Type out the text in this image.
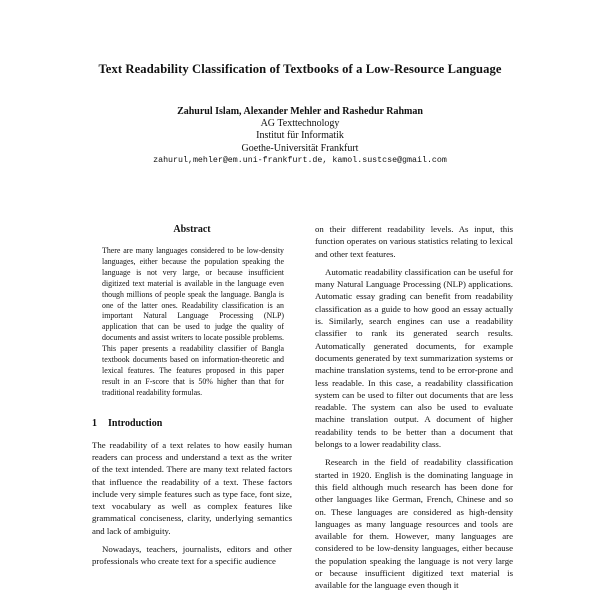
Text Readability Classification of Textbooks of a Low-Resource Language
Zahurul Islam, Alexander Mehler and Rashedur Rahman
AG Texttechnology
Institut für Informatik
Goethe-Universität Frankfurt
zahurul,mehler@em.uni-frankfurt.de, kamol.sustcse@gmail.com
Abstract

There are many languages considered to be low-density languages, either because the population speaking the language is not very large, or because insufficient digitized text material is available in the language even though millions of people speak the language. Bangla is one of the latter ones. Readability classification is an important Natural Language Processing (NLP) application that can be used to judge the quality of documents and assist writers to locate possible problems. This paper presents a readability classifier of Bangla textbook documents based on information-theoretic and lexical features. The features proposed in this paper result in an F-score that is 50% higher than that for traditional readability formulas.

1 Introduction

The readability of a text relates to how easily human readers can process and understand a text as the writer of the text intended. There are many text related factors that influence the readability of a text. These factors include very simple features such as type face, font size, text vocabulary as well as complex features like grammatical conciseness, clarity, underlying semantics and lack of ambiguity.

Nowadays, teachers, journalists, editors and other professionals who create text for a specific audience

on their different readability levels. As input, this function operates on various statistics relating to lexical and other text features.

Automatic readability classification can be useful for many Natural Language Processing (NLP) applications. Automatic essay grading can benefit from readability classification as a guide to how good an essay actually is. Similarly, search engines can use a readability classifier to rank its generated search results. Automatically generated documents, for example documents generated by text summarization systems or machine translation systems, tend to be error-prone and less readable. In this case, a readability classification system can be used to filter out documents that are less readable. The system can also be used to evaluate machine translation output. A document of higher readability tends to be better than a document that belongs to a lower readability class.

Research in the field of readability classification started in 1920. English is the dominating language in this field although much research has been done for other languages like German, French, Chinese and so on. These languages are considered as high-density languages as many language resources and tools are available for them. However, many languages are considered to be low-density languages, either because the population speaking the language is not very large or because insufficient digitized text material is available for the language even though it
